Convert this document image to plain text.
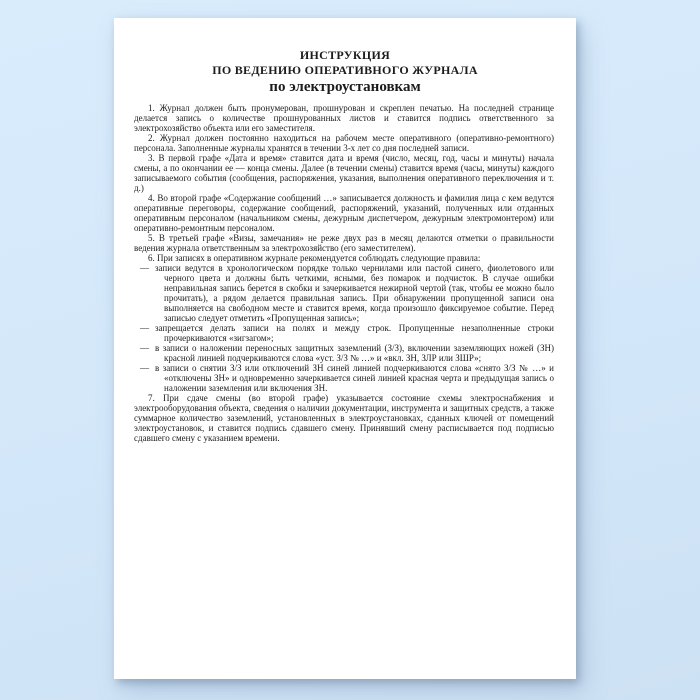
ИНСТРУКЦИЯ
ПО ВЕДЕНИЮ ОПЕРАТИВНОГО ЖУРНАЛА
по электроустановкам

1. Журнал должен быть пронумерован, прошнурован и скреплен печатью. На последней странице делается запись о количестве прошнурованных листов и ставится подпись ответственного за электрохозяйство объекта или его заместителя.

2. Журнал должен постоянно находиться на рабочем месте оперативного (оперативно-ремонтного) персонала. Заполненные журналы хранятся в течении 3-х лет со дня последней записи.

3. В первой графе «Дата и время» ставится дата и время (число, месяц, год, часы и минуты) начала смены, а по окончании ее — конца смены. Далее (в течении смены) ставится время (часы, минуты) каждого записываемого события (сообщения, распоряжения, указания, выполнения оперативного переключения и т. д.)

4. Во второй графе «Содержание сообщений …» записывается должность и фамилия лица с кем ведутся оперативные переговоры, содержание сообщений, распоряжений, указаний, полученных или отданных оперативным персоналом (начальником смены, дежурным диспетчером, дежурным электромонтером) или оперативно-ремонтным персоналом.

5. В третьей графе «Визы, замечания» не реже двух раз в месяц делаются отметки о правильности ведения журнала ответственным за электрохозяйство (его заместителем).

6. При записях в оперативном журнале рекомендуется соблюдать следующие правила:

— записи ведутся в хронологическом порядке только чернилами или пастой синего, фиолетового или черного цвета и должны быть четкими, ясными, без помарок и подчисток. В случае ошибки неправильная запись берется в скобки и зачеркивается нежирной чертой (так, чтобы ее можно было прочитать), а рядом делается правильная запись. При обнаружении пропущенной записи она выполняется на свободном месте и ставится время, когда произошло фиксируемое событие. Перед записью следует отметить «Пропущенная запись»;
— запрещается делать записи на полях и между строк. Пропущенные незаполненные строки прочеркиваются «зигзагом»;
— в записи о наложении переносных защитных заземлений (З/З), включении заземляющих ножей (ЗН) красной линией подчеркиваются слова «уст. З/З № …» и «вкл. ЗН, ЗЛР или ЗШР»;
— в записи о снятии З/З или отключений ЗН синей линией подчеркиваются слова «снято З/З № …» и «отключены ЗН» и одновременно зачеркивается синей линией красная черта и предыдущая запись о наложении заземления или включения ЗН.

7. При сдаче смены (во второй графе) указывается состояние схемы электроснабжения и электрооборудования объекта, сведения о наличии документации, инструмента и защитных средств, а также суммарное количество заземлений, установленных в электроустановках, сданных ключей от помещений электроустановок, и ставится подпись сдавшего смену. Принявший смену расписывается под подписью сдавшего смену с указанием времени.
